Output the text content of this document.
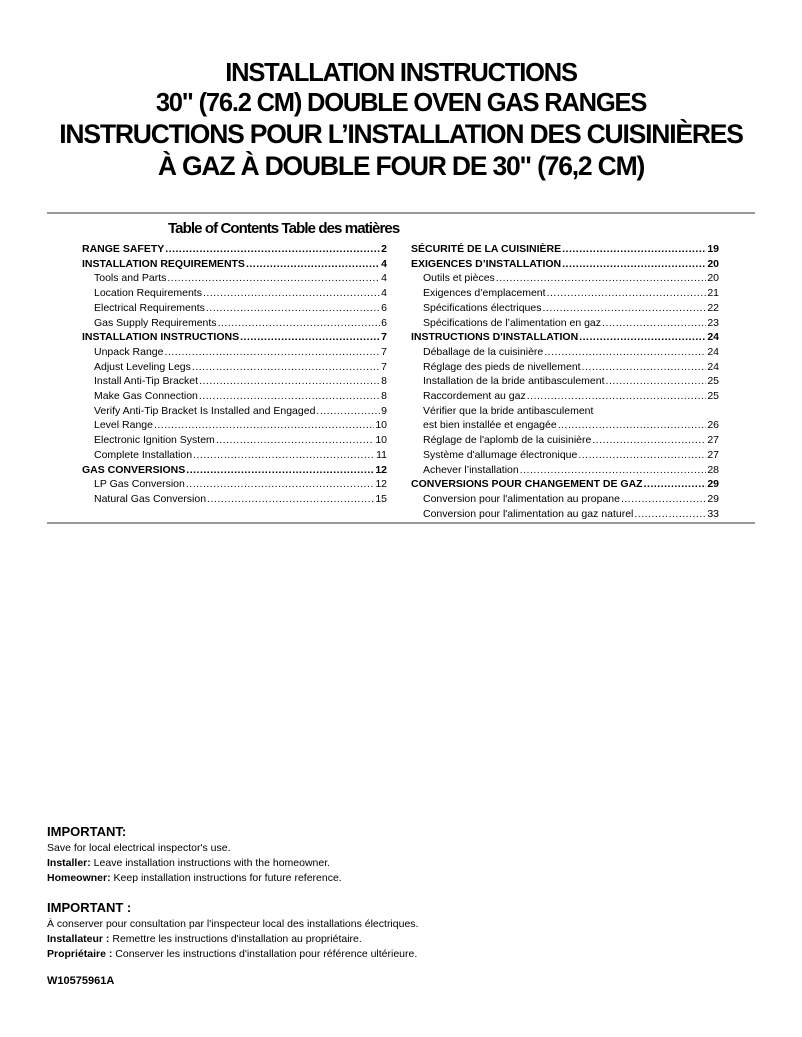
INSTALLATION INSTRUCTIONS
30" (76.2 CM) DOUBLE OVEN GAS RANGES
INSTRUCTIONS POUR L’INSTALLATION DES CUISINIÈRES
À GAZ À DOUBLE FOUR DE 30" (76,2 CM)
Table of Contents Table des matières
RANGE SAFETY .....	2
INSTALLATION REQUIREMENTS .....	4
Tools and Parts .....	4
Location Requirements .....	4
Electrical Requirements .....	6
Gas Supply Requirements .....	6
INSTALLATION INSTRUCTIONS .....	7
Unpack Range .....	7
Adjust Leveling Legs .....	7
Install Anti-Tip Bracket .....	8
Make Gas Connection .....	8
Verify Anti-Tip Bracket Is Installed and Engaged .....	9
Level Range .....	10
Electronic Ignition System .....	10
Complete Installation .....	11
GAS CONVERSIONS .....	12
LP Gas Conversion .....	12
Natural Gas Conversion .....	15
SÉCURITÉ DE LA CUISINIÈRE .....	19
EXIGENCES D’INSTALLATION .....	20
Outils et pièces .....	20
Exigences d’emplacement .....	21
Spécifications électriques .....	22
Spécifications de l’alimentation en gaz .....	23
INSTRUCTIONS D'INSTALLATION .....	24
Déballage de la cuisinière .....	24
Réglage des pieds de nivellement .....	24
Installation de la bride antibasculement .....	25
Raccordement au gaz .....	25
Vérifier que la bride antibasculement
est bien installée et engagée .....	26
Réglage de l'aplomb de la cuisinière .....	27
Système d'allumage électronique .....	27
Achever l’installation .....	28
CONVERSIONS POUR CHANGEMENT DE GAZ .....	29
Conversion pour l'alimentation au propane .....	29
Conversion pour l'alimentation au gaz naturel .....	33
IMPORTANT:
Save for local electrical inspector's use.
Installer: Leave installation instructions with the homeowner.
Homeowner: Keep installation instructions for future reference.
IMPORTANT :
À conserver pour consultation par l'inspecteur local des installations électriques.
Installateur : Remettre les instructions d'installation au propriétaire.
Propriétaire : Conserver les instructions d'installation pour référence ultérieure.
W10575961A
